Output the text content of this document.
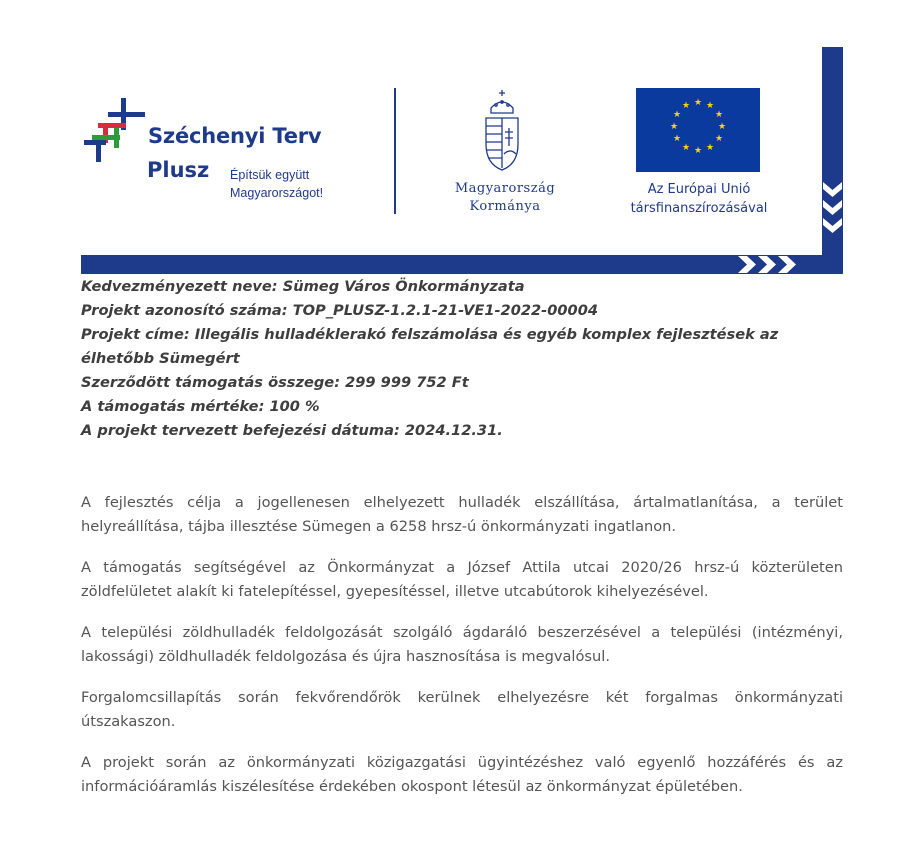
Széchenyi Terv
Plusz Építsük együtt
Magyarországot!	Magyarország
Kormánya
★ ★
★
★
★
★
★
★
★
★
★
★
Az Európai Unió
társfinanszírozásával
Kedvezményezett neve: Sümeg Város Önkormányzata
Projekt azonosító száma: TOP_PLUSZ-1.2.1-21-VE1-2022-00004
Projekt címe: Illegális hulladéklerakó felszámolása és egyéb komplex fejlesztések az
élhetőbb Sümegért
Szerződött támogatás összege: 299 999 752 Ft
A támogatás mértéke: 100 %
A projekt tervezett befejezési dátuma: 2024.12.31.

A fejlesztés célja a jogellenesen elhelyezett hulladék elszállítása, ártalmatlanítása, a terület helyreállítása, tájba illesztése Sümegen a 6258 hrsz-ú önkormányzati ingatlanon.

A támogatás segítségével az Önkormányzat a József Attila utcai 2020/26 hrsz-ú közterületen zöldfelületet alakít ki fatelepítéssel, gyepesítéssel, illetve utcabútorok kihelyezésével.

A települési zöldhulladék feldolgozását szolgáló ágdaráló beszerzésével a települési (intézményi, lakossági) zöldhulladék feldolgozása és újra hasznosítása is megvalósul.

Forgalomcsillapítás során fekvőrendőrök kerülnek elhelyezésre két forgalmas önkormányzati útszakaszon.

A projekt során az önkormányzati közigazgatási ügyintézéshez való egyenlő hozzáférés és az információáramlás kiszélesítése érdekében okospont létesül az önkormányzat épületében.
